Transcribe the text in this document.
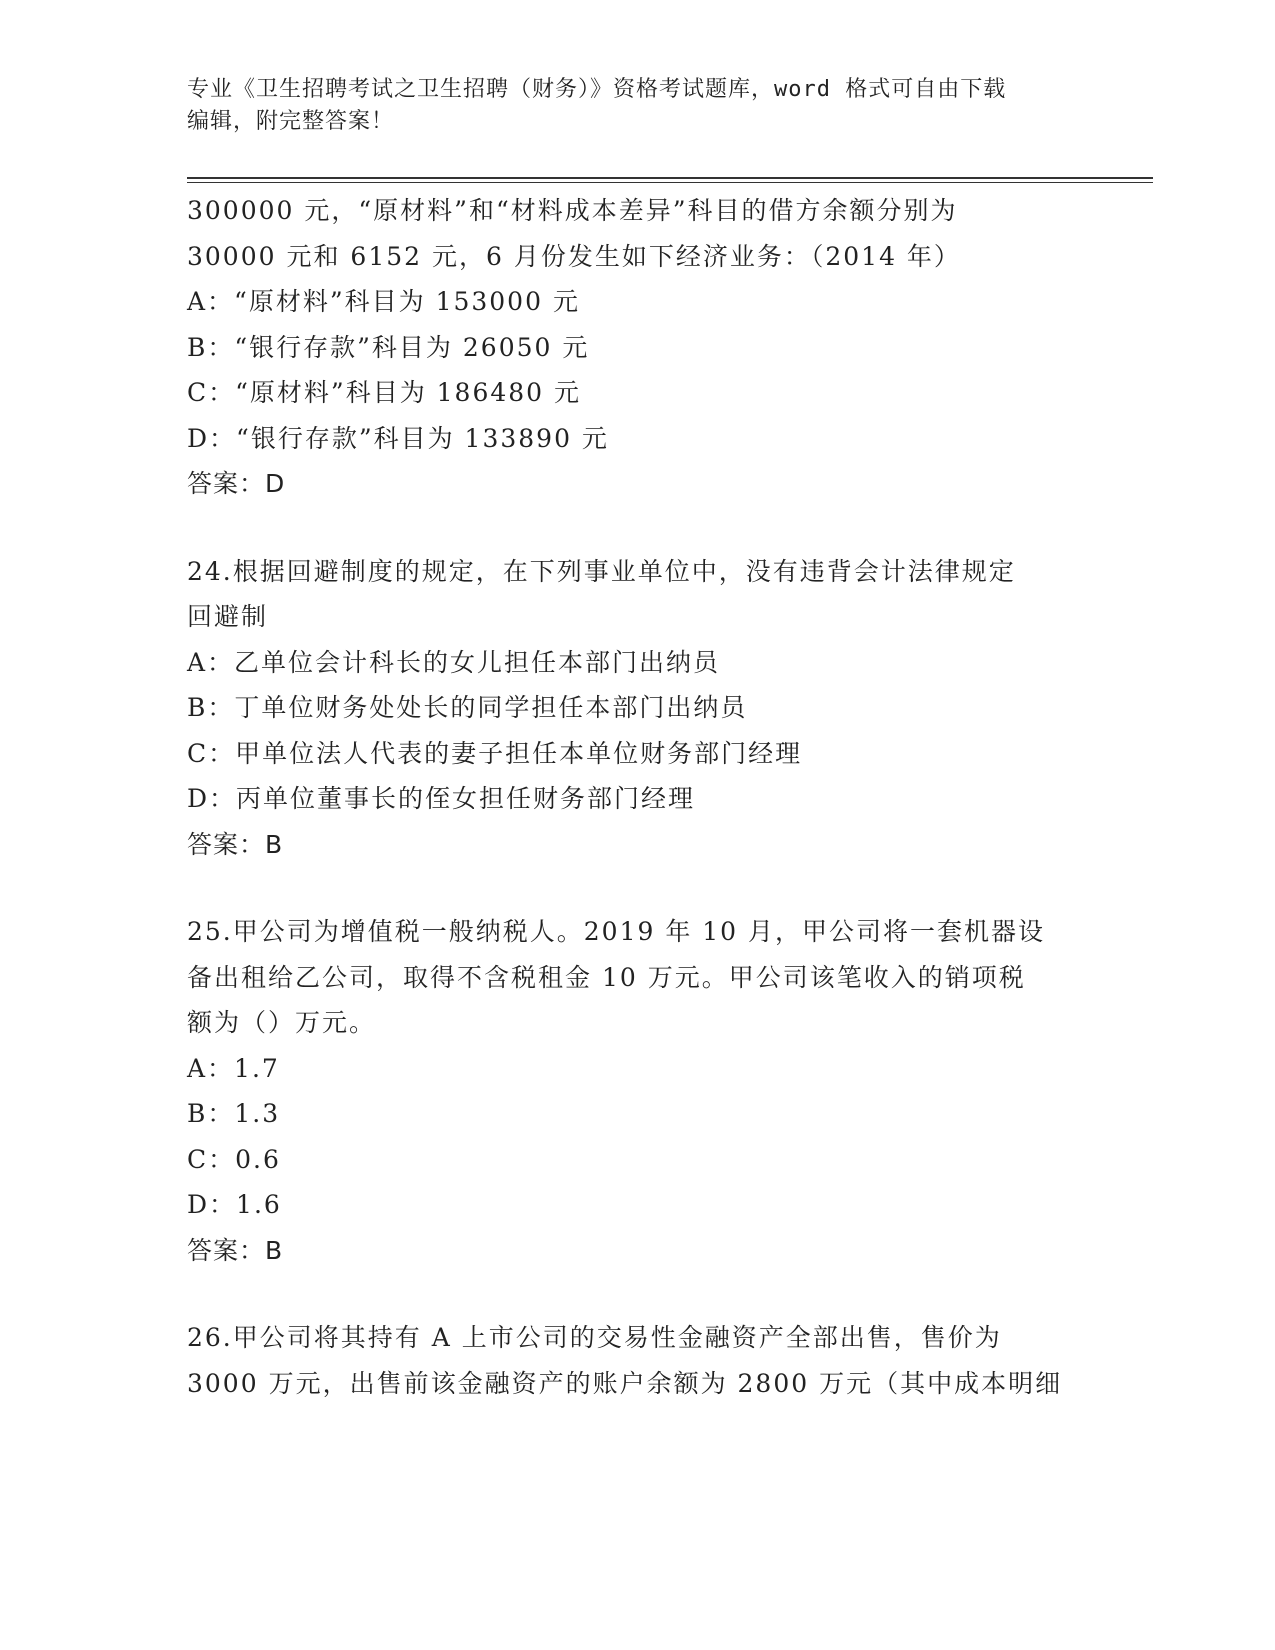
专业《卫生招聘考试之卫生招聘（财务）》资格考试题库，word 格式可自由下载
编辑，附完整答案！
300000 元，“原材料”和“材料成本差异”科目的借方余额分别为
30000 元和 6152 元，6 月份发生如下经济业务：（2014 年）
A：“原材料”科目为 153000 元
B：“银行存款”科目为 26050 元
C：“原材料”科目为 186480 元
D：“银行存款”科目为 133890 元
答案：D
24.根据回避制度的规定，在下列事业单位中，没有违背会计法律规定
回避制
A：乙单位会计科长的女儿担任本部门出纳员
B：丁单位财务处处长的同学担任本部门出纳员
C：甲单位法人代表的妻子担任本单位财务部门经理
D：丙单位董事长的侄女担任财务部门经理
答案：B
25.甲公司为增值税一般纳税人。2019 年 10 月，甲公司将一套机器设
备出租给乙公司，取得不含税租金 10 万元。甲公司该笔收入的销项税
额为（）万元。
A：1.7
B：1.3
C：0.6
D：1.6
答案：B
26.甲公司将其持有 A 上市公司的交易性金融资产全部出售，售价为
3000 万元，出售前该金融资产的账户余额为 2800 万元（其中成本明细
